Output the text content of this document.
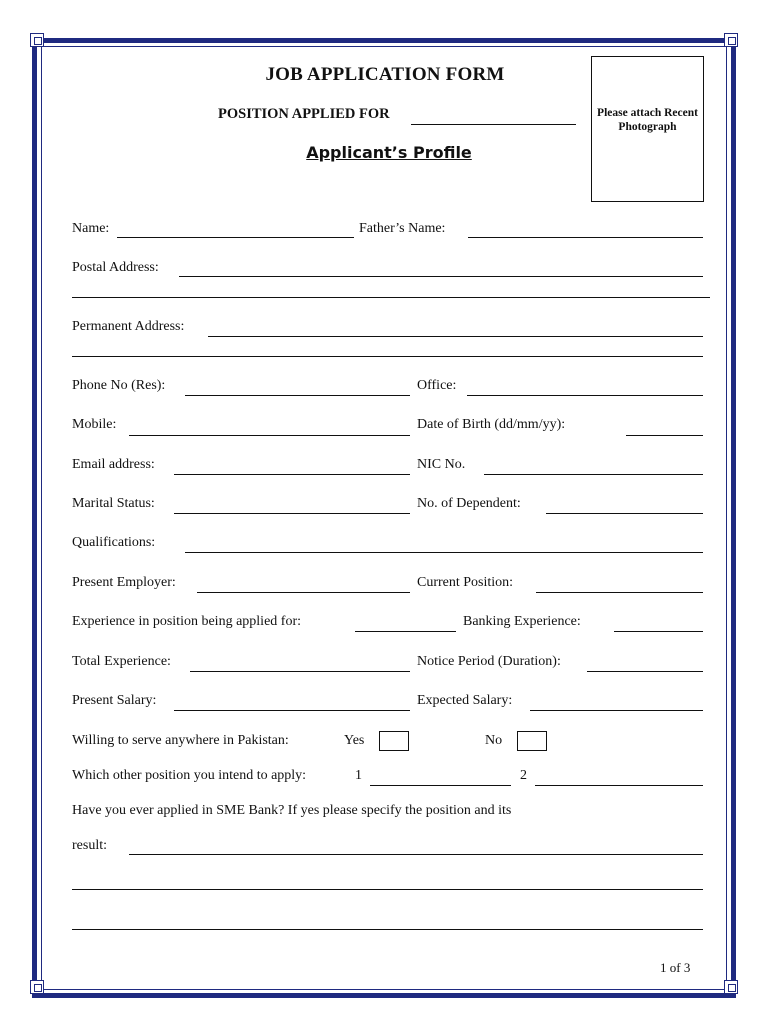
JOB APPLICATION FORM
POSITION APPLIED FOR
Applicant’s Profile
Please attach Recent Photograph
Name:	Father’s Name:
Postal Address:
Permanent Address:
Phone No (Res):	Office:
Mobile:	Date of Birth (dd/mm/yy):
Email address:	NIC No.
Marital Status:	No. of Dependent:
Qualifications:
Present Employer:	Current Position:
Experience in position being applied for:	Banking Experience:
Total Experience:	Notice Period (Duration):
Present Salary:	Expected Salary:
Willing to serve anywhere in Pakistan:	Yes	No
Which other position you intend to apply:	1	2
Have you ever applied in SME Bank? If yes please specify the position and its
result:
1 of 3
